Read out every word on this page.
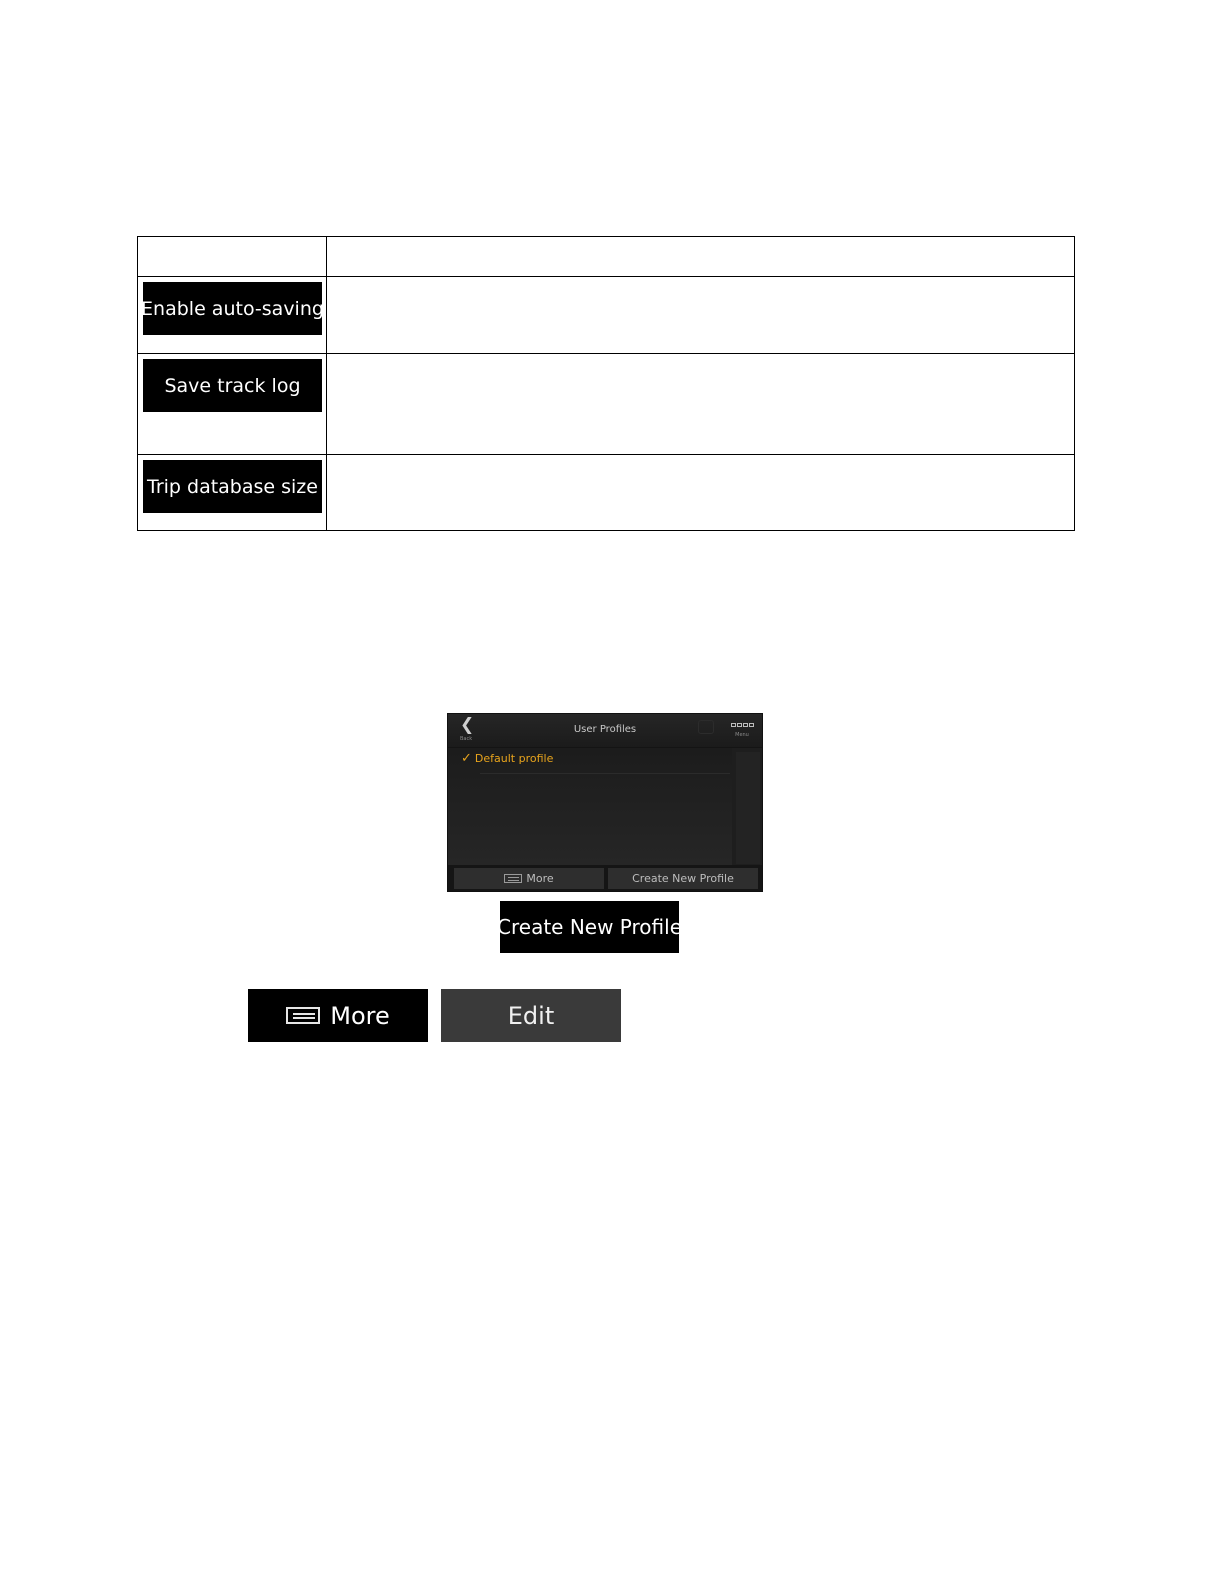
Enable auto-saving
Save track log
Trip database size
❮
Back
User Profiles	Menu
✓ Default profile
More	Create New Profile
Create New Profile
More	Edit
